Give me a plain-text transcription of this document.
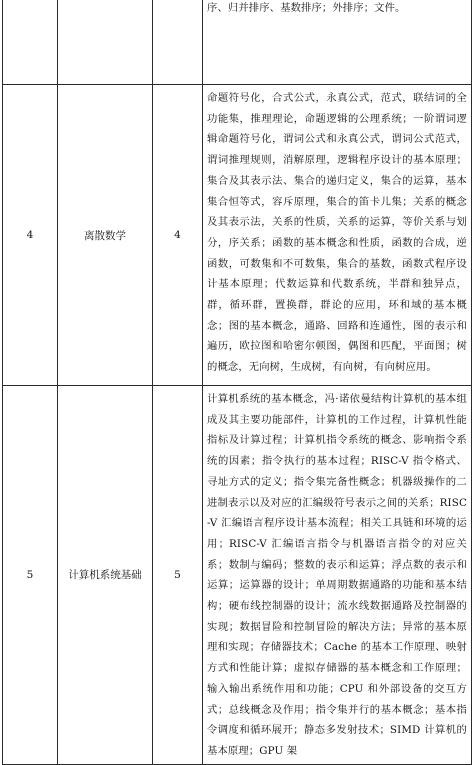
			序、归并排序、基数排序；外排序；文件。
4	离散数学	4	命题符号化，合式公式，永真公式，范式，联结词的全功能集，推理理论，命题逻辑的公理系统；一阶谓词逻辑命题符号化，谓词公式和永真公式，谓词公式范式，谓词推理规则，消解原理，逻辑程序设计的基本原理；集合及其表示法、集合的递归定义，集合的运算，基本集合恒等式，容斥原理，集合的笛卡儿集；关系的概念及其表示法，关系的性质，关系的运算，等价关系与划分，序关系；函数的基本概念和性质，函数的合成，逆函数，可数集和不可数集，集合的基数，函数式程序设计基本原理；代数运算和代数系统，半群和独异点，群，循环群，置换群，群论的应用，环和域的基本概念；图的基本概念，通路、回路和连通性，图的表示和遍历，欧拉图和哈密尔顿图，偶图和匹配，平面图；树的概念，无向树，生成树，有向树，有向树应用。
5	计算机系统基础	5	计算机系统的基本概念，冯·诺依曼结构计算机的基本组成及其主要功能部件，计算机的工作过程，计算机性能指标及计算过程；计算机指令系统的概念、影响指令系统的因素；指令执行的基本过程；RISC-V 指令格式、寻址方式的定义；指令集完备性概念；机器级操作的二进制表示以及对应的汇编级符号表示之间的关系；RISC-V 汇编语言程序设计基本流程；相关工具链和环境的运用；RISC-V 汇编语言指令与机器语言指令的对应关系；数制与编码；整数的表示和运算；浮点数的表示和运算；运算器的设计；单周期数据通路的功能和基本结构；硬布线控制器的设计；流水线数据通路及控制器的实现；数据冒险和控制冒险的解决方法；异常的基本原理和实现；存储器技术；Cache 的基本工作原理、映射方式和性能计算；虚拟存储器的基本概念和工作原理；输入输出系统作用和功能；CPU 和外部设备的交互方式；总线概念及作用；指令集并行的基本概念；基本指令调度和循环展开；静态多发射技术；SIMD 计算机的基本原理；GPU 架
